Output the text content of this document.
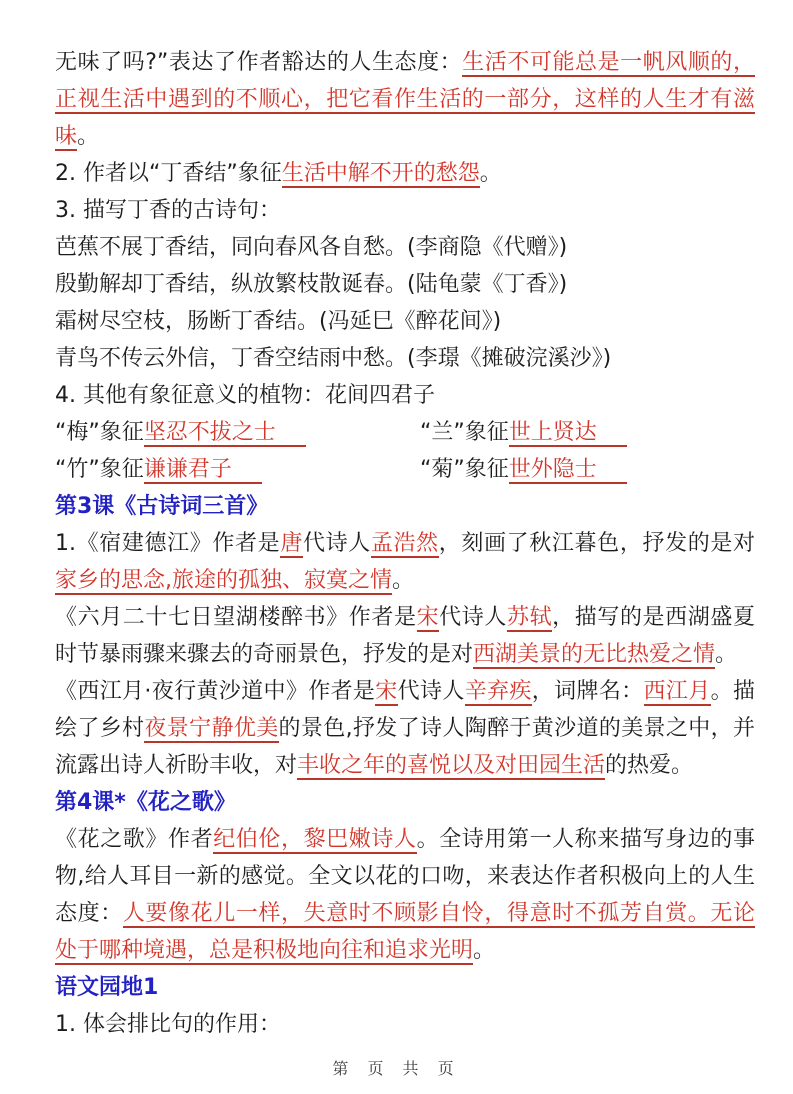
无味了吗?”表达了作者豁达的人生态度：生活不可能总是一帆风顺的，正视生活中遇到的不顺心，把它看作生活的一部分，这样的人生才有滋味。

2. 作者以“丁香结”象征生活中解不开的愁怨。

3. 描写丁香的古诗句：

芭蕉不展丁香结，同向春风各自愁。(李商隐《代赠》)

殷勤解却丁香结，纵放繁枝散诞春。(陆龟蒙《丁香》)

霜树尽空枝，肠断丁香结。(冯延巳《醉花间》)

青鸟不传云外信，丁香空结雨中愁。(李璟《摊破浣溪沙》)

4. 其他有象征意义的植物：花间四君子

“梅”象征坚忍不拔之士	“兰”象征世上贤达

“竹”象征谦谦君子	“菊”象征世外隐士

第3课《古诗词三首》

1.《宿建德江》作者是唐代诗人孟浩然，刻画了秋江暮色，抒发的是对家乡的思念,旅途的孤独、寂寞之情。

《六月二十七日望湖楼醉书》作者是宋代诗人苏轼，描写的是西湖盛夏时节暴雨骤来骤去的奇丽景色，抒发的是对西湖美景的无比热爱之情。

《西江月·夜行黄沙道中》作者是宋代诗人辛弃疾，词牌名：西江月。描绘了乡村夜景宁静优美的景色,抒发了诗人陶醉于黄沙道的美景之中，并流露出诗人祈盼丰收，对丰收之年的喜悦以及对田园生活的热爱。

第4课*《花之歌》

《花之歌》作者纪伯伦，黎巴嫩诗人。全诗用第一人称来描写身边的事物,给人耳目一新的感觉。全文以花的口吻，来表达作者积极向上的人生态度：人要像花儿一样，失意时不顾影自怜，得意时不孤芳自赏。无论处于哪种境遇，总是积极地向往和追求光明。

语文园地1

1. 体会排比句的作用：

第 页 共 页
